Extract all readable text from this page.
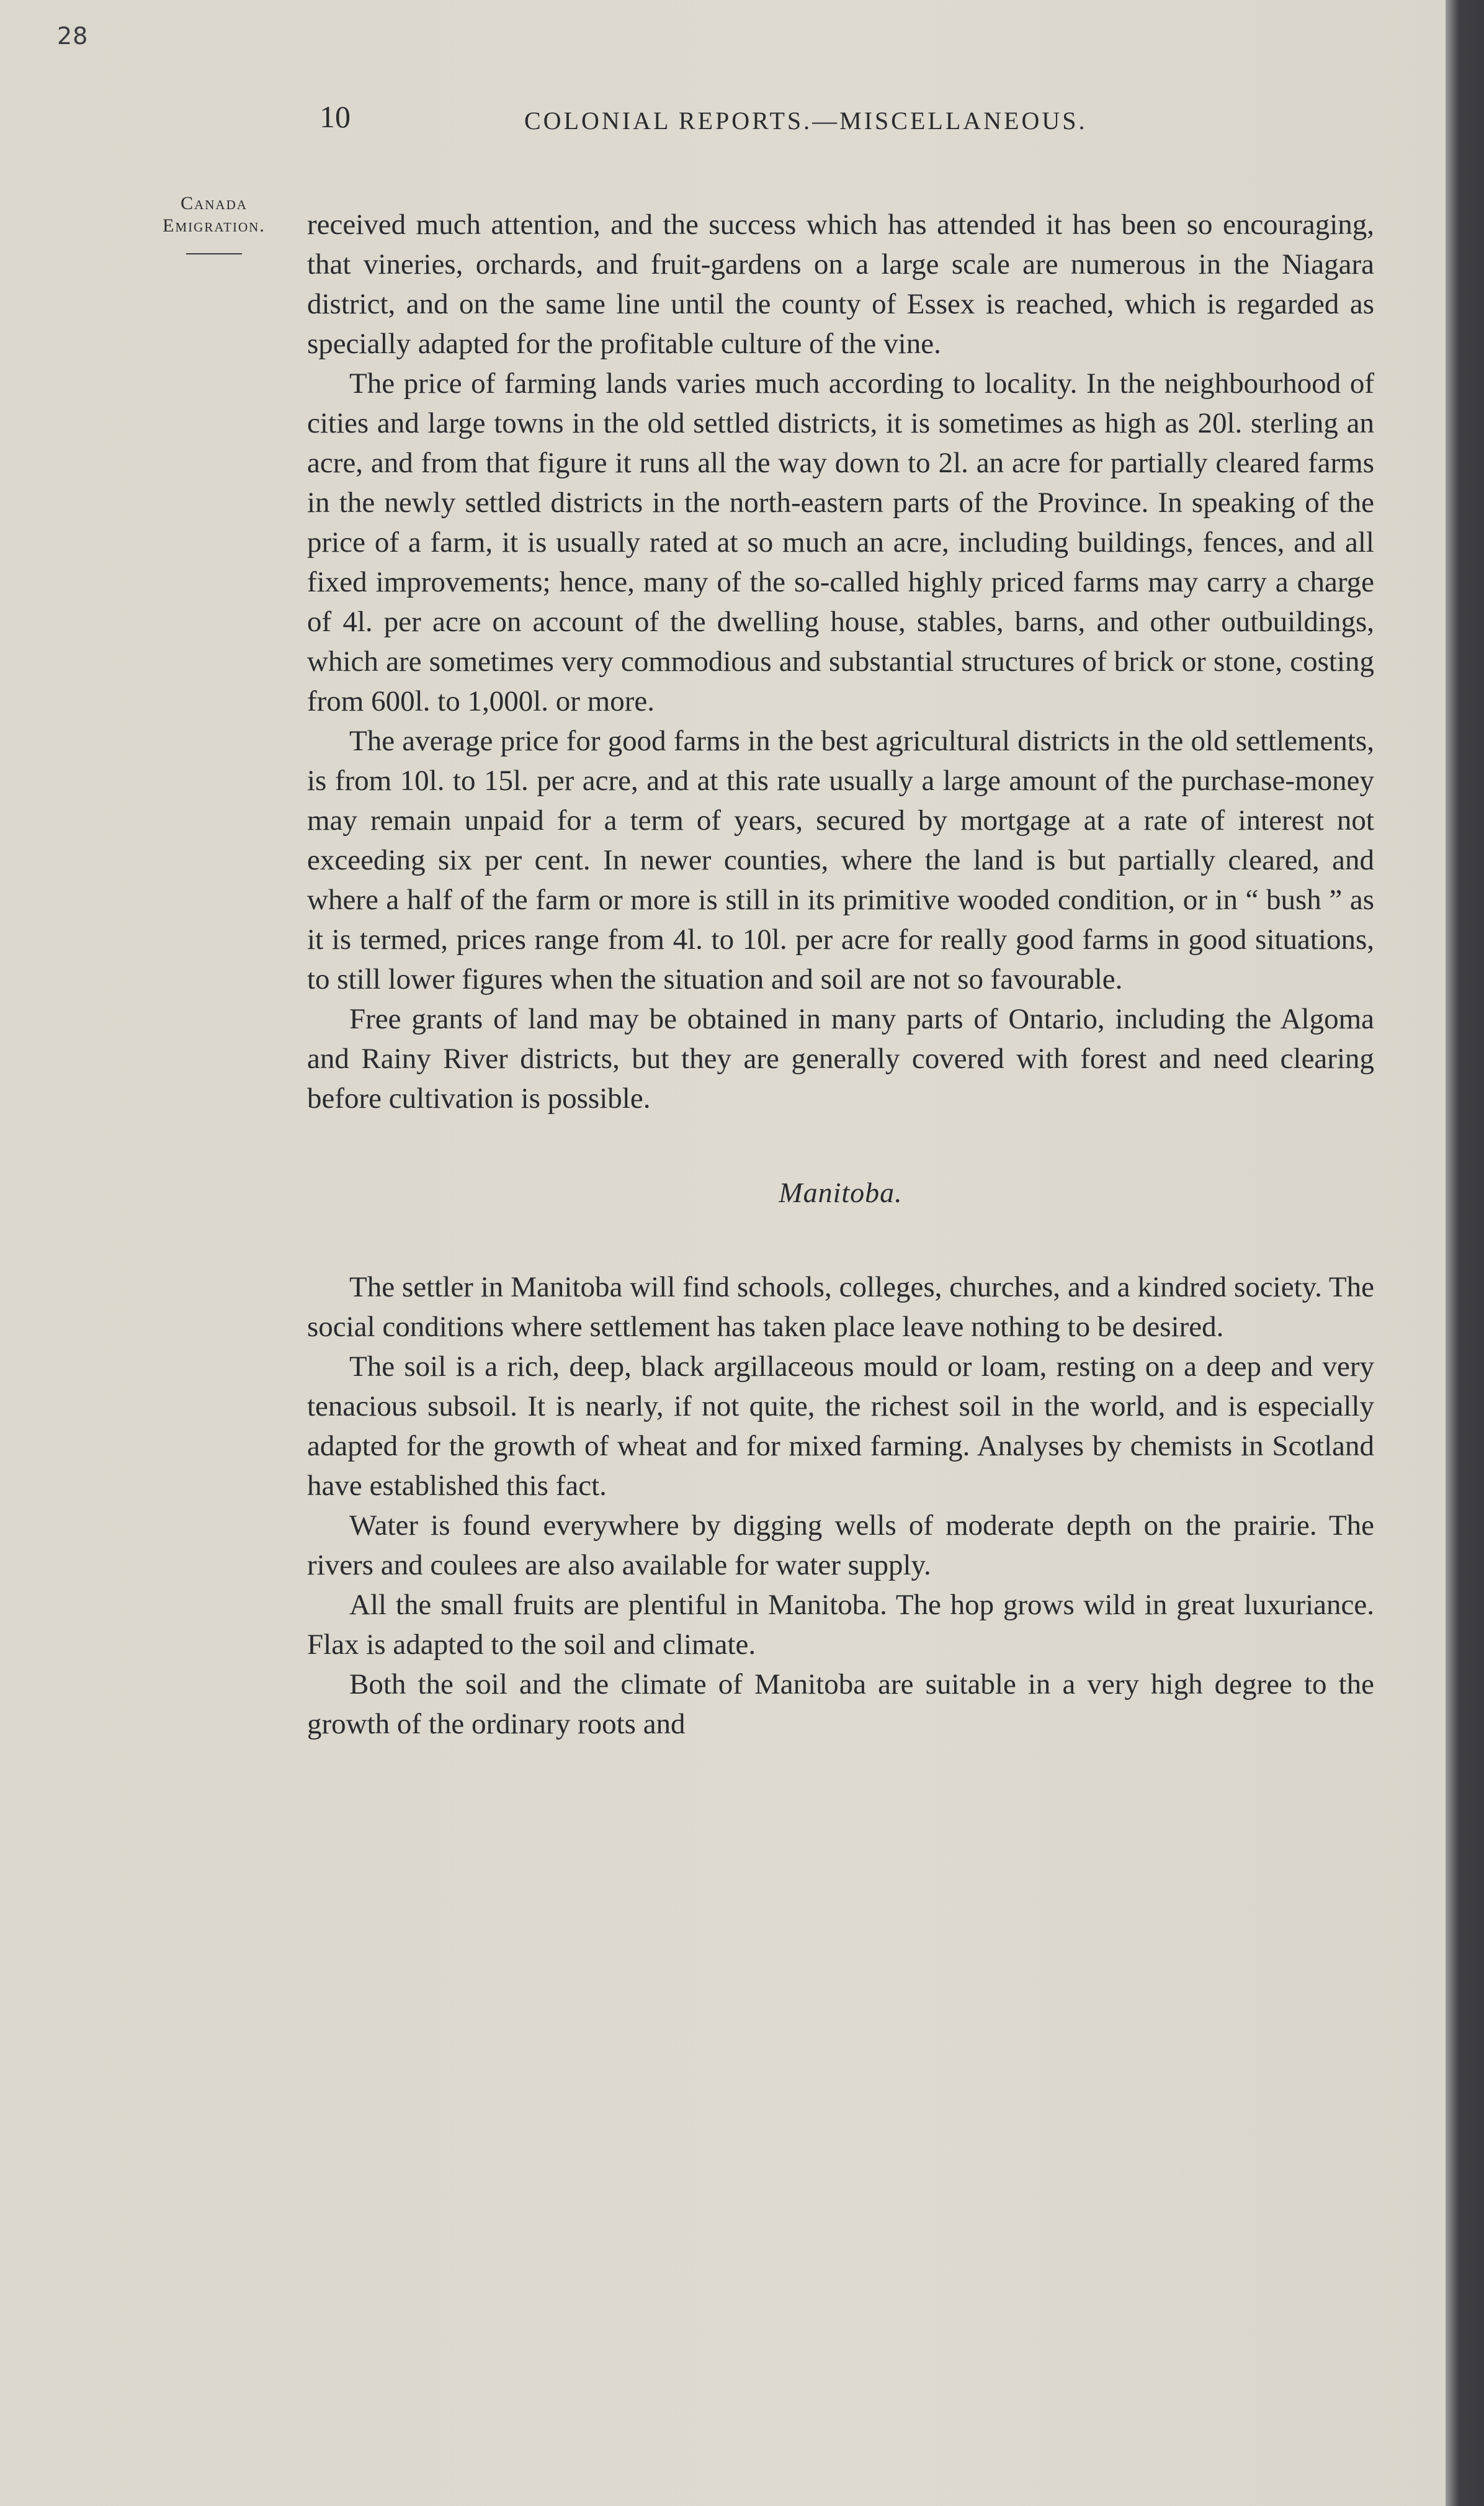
28
10	COLONIAL REPORTS.—MISCELLANEOUS.
Canada
Emigration.	received much attention, and the success which has attended it has been so encouraging, that vineries, orchards, and fruit-gardens on a large scale are numerous in the Niagara district, and on the same line until the county of Essex is reached, which is regarded as specially adapted for the profitable culture of the vine.

The price of farming lands varies much according to locality. In the neighbourhood of cities and large towns in the old settled districts, it is sometimes as high as 20l. sterling an acre, and from that figure it runs all the way down to 2l. an acre for partially cleared farms in the newly settled districts in the north-eastern parts of the Province. In speaking of the price of a farm, it is usually rated at so much an acre, including buildings, fences, and all fixed improvements; hence, many of the so-called highly priced farms may carry a charge of 4l. per acre on account of the dwelling house, stables, barns, and other outbuildings, which are sometimes very commodious and substantial structures of brick or stone, costing from 600l. to 1,000l. or more.

The average price for good farms in the best agricultural districts in the old settlements, is from 10l. to 15l. per acre, and at this rate usually a large amount of the purchase-money may remain unpaid for a term of years, secured by mortgage at a rate of interest not exceeding six per cent. In newer counties, where the land is but partially cleared, and where a half of the farm or more is still in its primitive wooded condition, or in “ bush ” as it is termed, prices range from 4l. to 10l. per acre for really good farms in good situations, to still lower figures when the situation and soil are not so favourable.

Free grants of land may be obtained in many parts of Ontario, including the Algoma and Rainy River districts, but they are generally covered with forest and need clearing before cultivation is possible.

Manitoba.

The settler in Manitoba will find schools, colleges, churches, and a kindred society. The social conditions where settlement has taken place leave nothing to be desired.

The soil is a rich, deep, black argillaceous mould or loam, resting on a deep and very tenacious subsoil. It is nearly, if not quite, the richest soil in the world, and is especially adapted for the growth of wheat and for mixed farming. Analyses by chemists in Scotland have established this fact.

Water is found everywhere by digging wells of moderate depth on the prairie. The rivers and coulees are also available for water supply.

All the small fruits are plentiful in Manitoba. The hop grows wild in great luxuriance. Flax is adapted to the soil and climate.

Both the soil and the climate of Manitoba are suitable in a very high degree to the growth of the ordinary roots and
